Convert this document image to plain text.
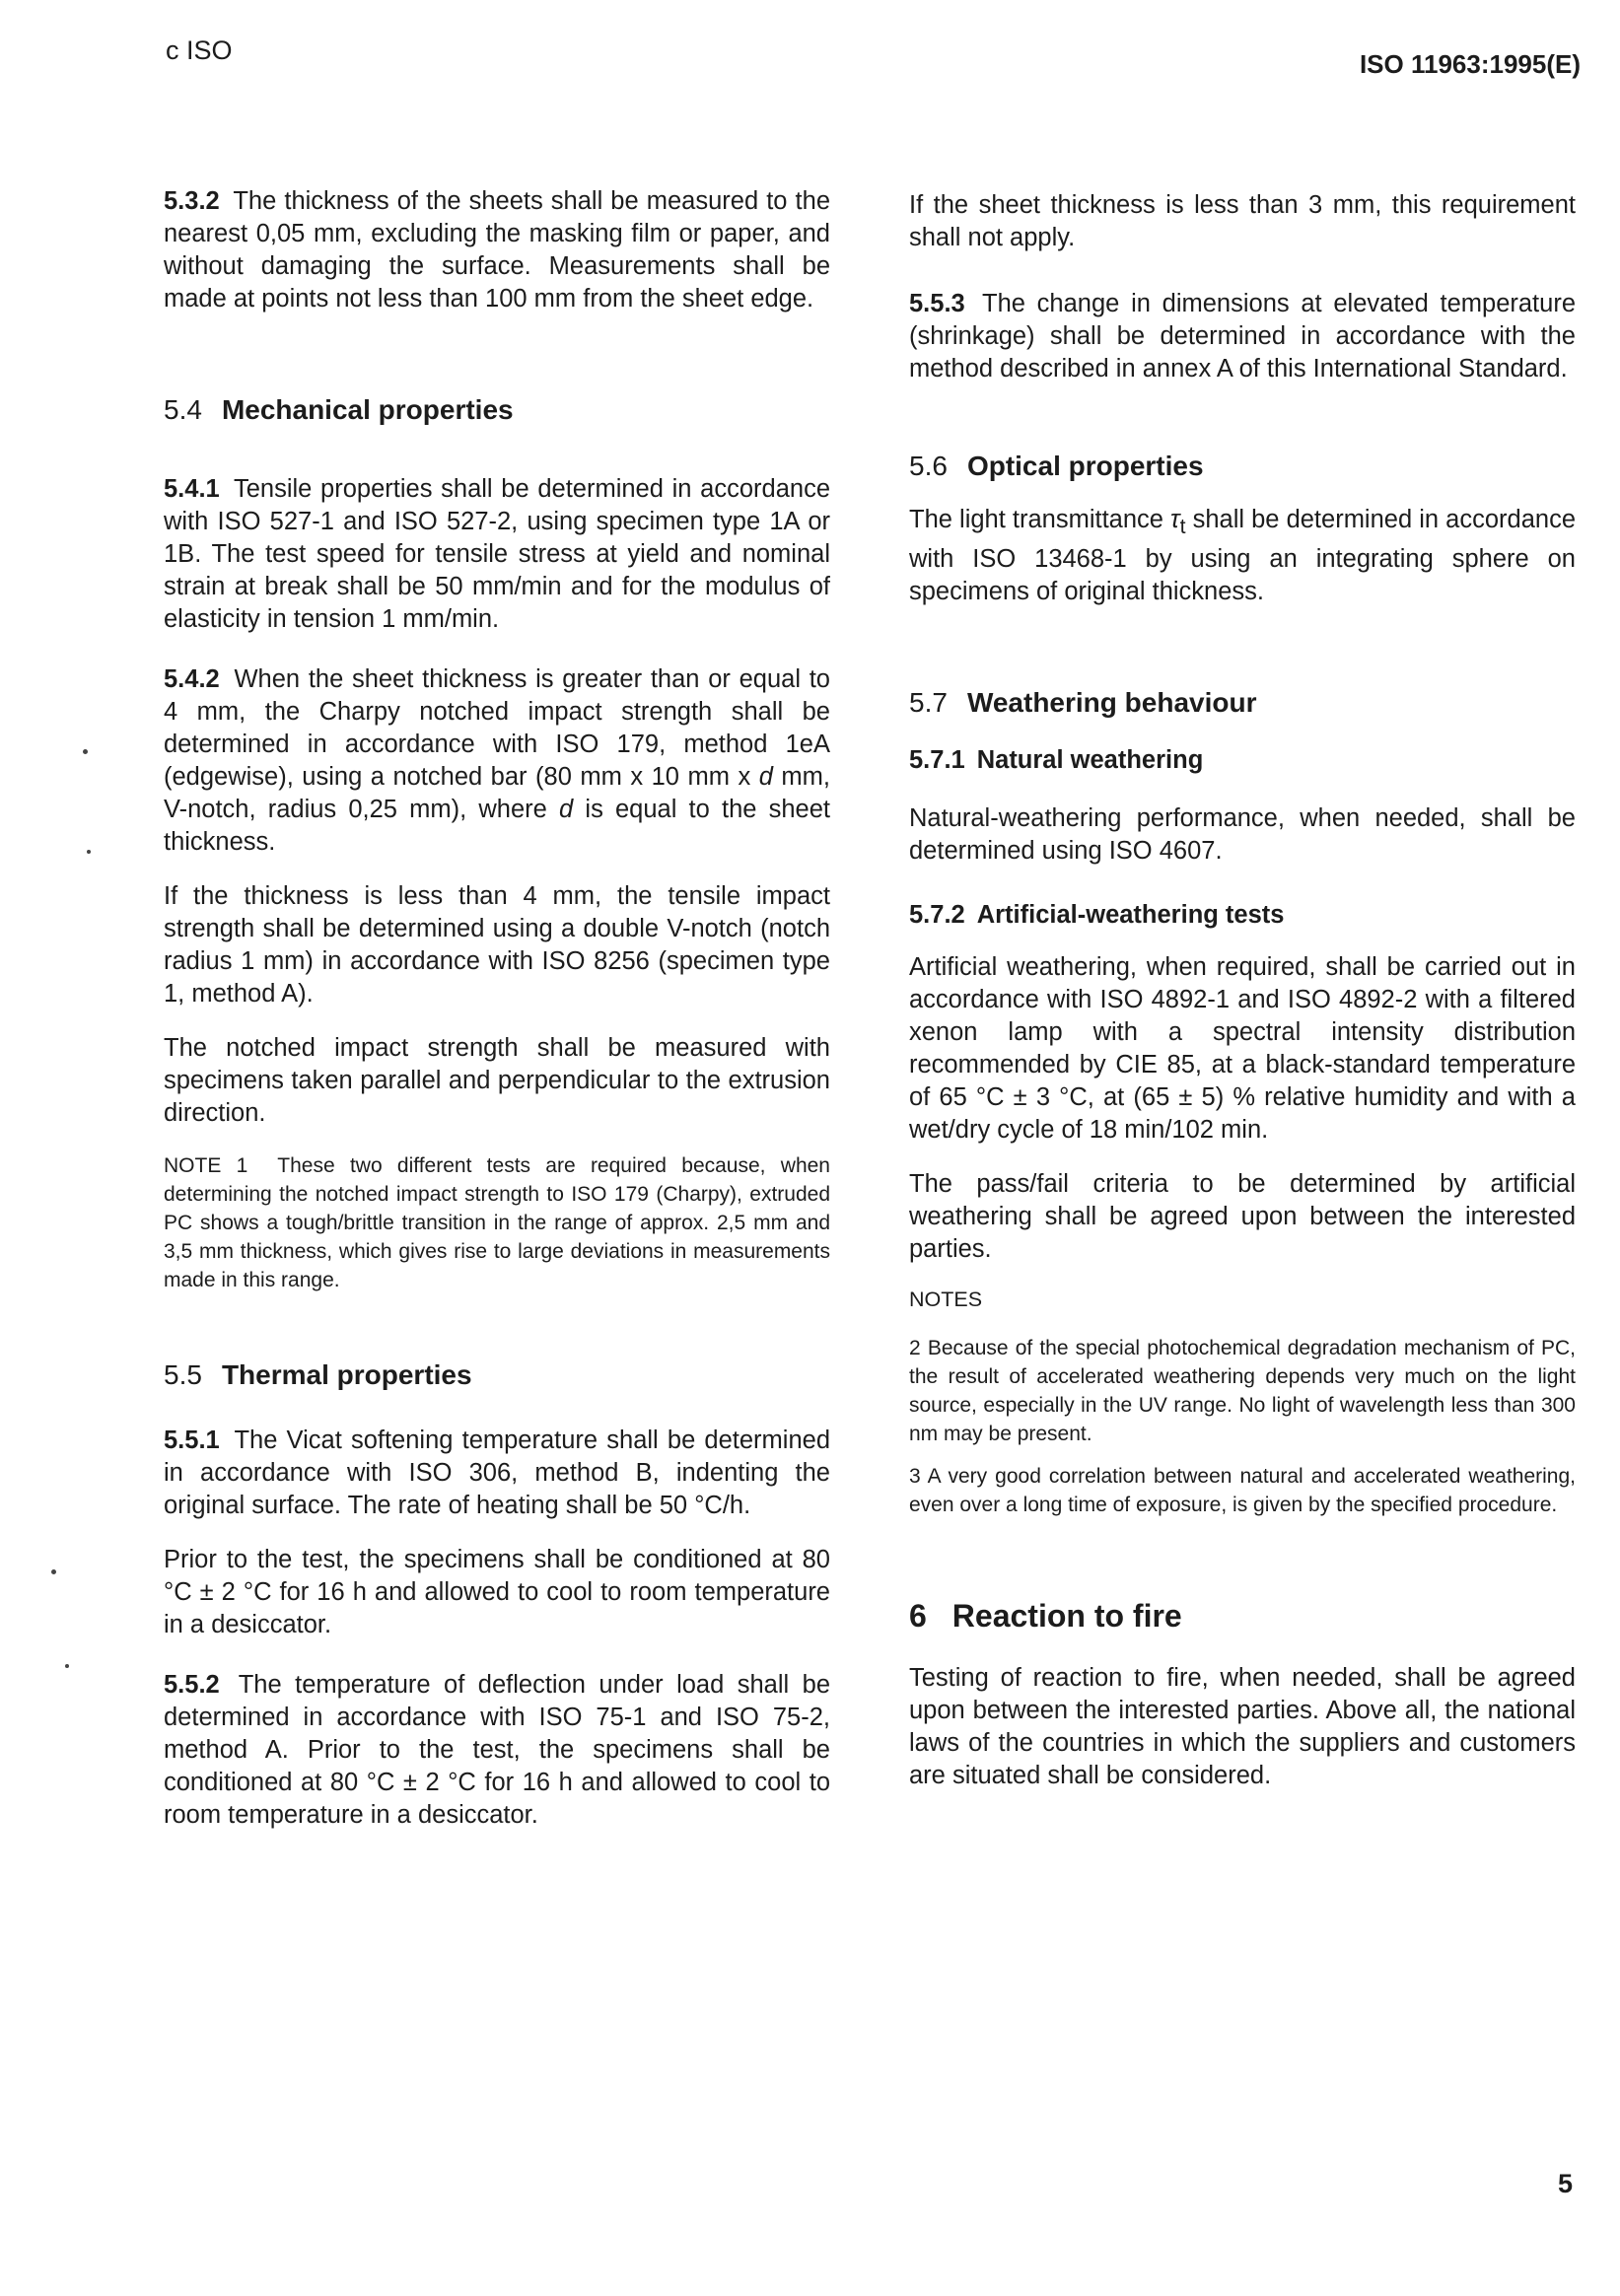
c ISO	ISO 11963:1995(E)

5.3.2 The thickness of the sheets shall be measured to the nearest 0,05 mm, excluding the masking film or paper, and without damaging the surface. Measurements shall be made at points not less than 100 mm from the sheet edge.

5.4 Mechanical properties

5.4.1 Tensile properties shall be determined in accordance with ISO 527-1 and ISO 527-2, using specimen type 1A or 1B. The test speed for tensile stress at yield and nominal strain at break shall be 50 mm/min and for the modulus of elasticity in tension 1 mm/min.

5.4.2 When the sheet thickness is greater than or equal to 4 mm, the Charpy notched impact strength shall be determined in accordance with ISO 179, method 1eA (edgewise), using a notched bar (80 mm x 10 mm x d mm, V-notch, radius 0,25 mm), where d is equal to the sheet thickness.

If the thickness is less than 4 mm, the tensile impact strength shall be determined using a double V-notch (notch radius 1 mm) in accordance with ISO 8256 (specimen type 1, method A).

The notched impact strength shall be measured with specimens taken parallel and perpendicular to the extrusion direction.

NOTE 1 These two different tests are required because, when determining the notched impact strength to ISO 179 (Charpy), extruded PC shows a tough/brittle transition in the range of approx. 2,5 mm and 3,5 mm thickness, which gives rise to large deviations in measurements made in this range.

5.5 Thermal properties

5.5.1 The Vicat softening temperature shall be determined in accordance with ISO 306, method B, indenting the original surface. The rate of heating shall be 50 °C/h.

Prior to the test, the specimens shall be conditioned at 80 °C ± 2 °C for 16 h and allowed to cool to room temperature in a desiccator.

5.5.2 The temperature of deflection under load shall be determined in accordance with ISO 75-1 and ISO 75-2, method A. Prior to the test, the specimens shall be conditioned at 80 °C ± 2 °C for 16 h and allowed to cool to room temperature in a desiccator.

If the sheet thickness is less than 3 mm, this requirement shall not apply.

5.5.3 The change in dimensions at elevated temperature (shrinkage) shall be determined in accordance with the method described in annex A of this International Standard.

5.6 Optical properties

The light transmittance $\tau_t$ shall be determined in accordance with ISO 13468-1 by using an integrating sphere on specimens of original thickness.

5.7 Weathering behaviour
5.7.1 Natural weathering

Natural-weathering performance, when needed, shall be determined using ISO 4607.

5.7.2 Artificial-weathering tests

Artificial weathering, when required, shall be carried out in accordance with ISO 4892-1 and ISO 4892-2 with a filtered xenon lamp with a spectral intensity distribution recommended by CIE 85, at a black-standard temperature of 65 °C ± 3 °C, at (65 ± 5) % relative humidity and with a wet/dry cycle of 18 min/102 min.

The pass/fail criteria to be determined by artificial weathering shall be agreed upon between the interested parties.

NOTES

2 Because of the special photochemical degradation mechanism of PC, the result of accelerated weathering depends very much on the light source, especially in the UV range. No light of wavelength less than 300 nm may be present.

3 A very good correlation between natural and accelerated weathering, even over a long time of exposure, is given by the specified procedure.

6 Reaction to fire

Testing of reaction to fire, when needed, shall be agreed upon between the interested parties. Above all, the national laws of the countries in which the suppliers and customers are situated shall be considered.

5
